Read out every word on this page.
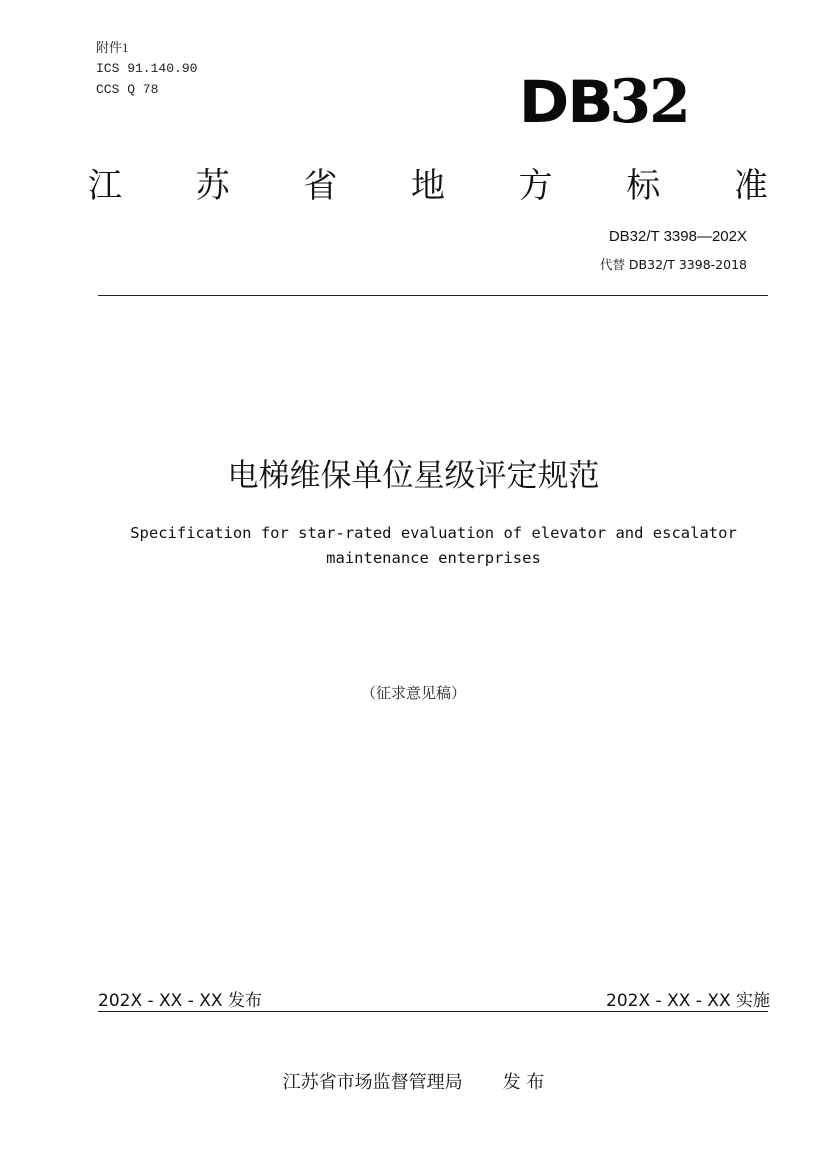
附件1
ICS 91.140.90
CCS Q 78	DB32
江 苏 省 地 方 标 准
DB32/T 3398—202X
代替 DB32/T 3398-2018
电梯维保单位星级评定规范
Specification for star-rated evaluation of elevator and escalator
maintenance enterprises
（征求意见稿）
202X - XX - XX 发布	202X - XX - XX 实施
江苏省市场监督管理局 发 布
